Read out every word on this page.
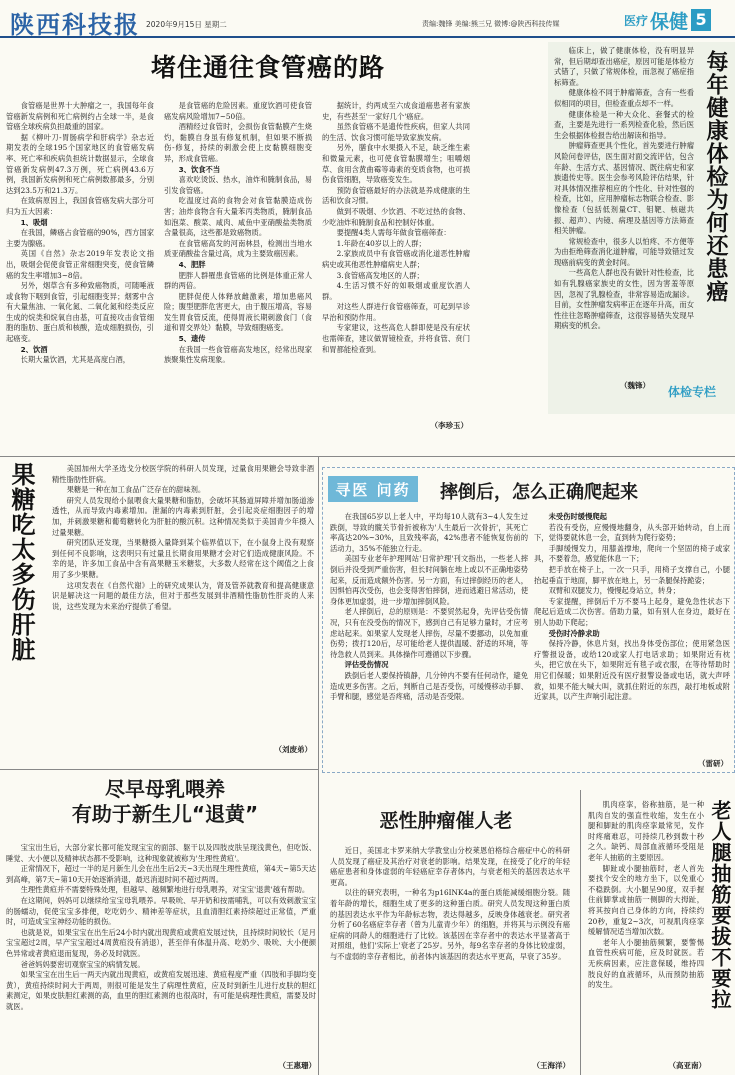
陕西科技报 2020年9月15日 星期二	责编:魏锋 美编:熊三兄 微博:@陕西科技传媒	医疗 保健 5
堵住通往食管癌的路

食管癌是世界十大肿瘤之一，我国每年食管癌新发病例和死亡病例约占全球一半，是食管癌全球疾病负担最重的国家。

据《柳叶刀-胃肠病学和肝病学》杂志近期发表的全球195个国家地区的食管癌发病率、死亡率和疾病负担统计数据显示，全球食管癌新发病例47.3万例，死亡病例43.6万例，我国新发病例和死亡病例数都最多，分别达到23.5万和21.3万。

在致病原因上，我国食管癌发病大部分可归为五大因素：

1、吸烟

在我国，鳞癌占食管癌的90%，西方国家主要为腺癌。

英国《自然》杂志2019年发表论文指出，吸烟会促使食管正常细胞突变，使食管鳞癌的发生率增加3~8倍。

另外，烟草含有多种致癌物质，可随唾液或食物下咽到食管，引起细胞变异；烟雾中含有大量焦油、一氧化氮、二氧化氮和经类反应生成的烷类和烷氧自由基，可直接攻击食管细胞的脂肪、蛋白质和核酸，造成细胞损伤，引起癌变。

2、饮酒

长期大量饮酒，尤其是高度白酒，

是食管癌的危险因素。重度饮酒可使食管癌发病风险增加7~50倍。

酒精经过食管时，会损伤食管黏膜产生烧灼，黏膜自身虽有修复机制，但如果不断损伤-修复，持续的刺激会使上皮黏膜细胞变异，形成食管癌。

3、饮食不当

喜欢吃烫饭、热水，油炸和腌制食品，易引发食管癌。

吃温度过高的食物会对食管黏膜造成伤害；油炸食物含有大量苯丙类物质，腌制食品如泡菜、酸菜、咸肉、咸鱼中亚硝酸盐类物质含量很高，这些都是致癌物质。

在食管癌高发的河南林县，检测出当地水质亚硝酸盐含量过高，成为主要致癌因素。

4、肥胖

肥胖人群罹患食管癌的比例是体重正常人群的两倍。

肥胖促使人体释放雌激素，增加患癌风险；腹型肥胖危害更大，由于腹压增高，容易发生胃食管反流，使得胃液长期刺激食门（食道和胃交界处）黏膜，导致细胞癌变。

5、遗传

在我国一些食管癌高发地区，经常出现家族聚集性发病现象。

据统计，约两成至六成食道癌患者有家族史，有些甚至'一家好几个'癌症。

虽然食管癌不是遗传性疾病，但家人共同的生活、饮食习惯可能导致家族发病。

另外，膳食中水果摄入不足，缺乏维生素和微量元素，也可使食管黏膜增生；咀嚼烟草、食用含黄曲霉等毒素的变质食物，也可损伤食管细胞，导致癌变发生。

预防食管癌最好的办法就是养成健康的生活和饮食习惯。

做到不吸烟、少饮酒、不吃过热的食物、少吃油炸和腌制食品和控制好体重。

要提醒4类人需每年做食管癌筛查：

1.年龄在40岁以上的人群；

2.家族成员中有食管癌或消化道恶性肿瘤病史或其他恶性肿瘤病史人群；

3.食管癌高发地区的人群；

4.生活习惯不好的如吸烟或重度饮酒人群。

对这些人群进行食管癌筛查，可起到早诊早治和预防作用。

专家建议，这些高危人群即使是没有症状也需筛查，建议做胃镜检查，并将食管、贲门和胃都能检查到。

（李珍玉）

临床上，做了健康体检，没有明显异常，但后期却查出癌症，原因可能是体检方式错了，只做了常规体检，而忽视了癌症指标筛查。

健康体检不同于肿瘤筛查，含有一些看似相同的项目，但检查重点却不一样。

健康体检是一种大众化、套餐式的检查，主要是先进行一系列检查化验，然后医生会根据体检报告给出解读和指导。

肿瘤筛查更具个性化，首先要进行肿瘤风险问卷评估，医生面对面交流评估，包含年龄、生活方式、基因情况、既往病史和家族遗传史等。医生会参考风险评估结果，针对具体情况推荐相应的个性化、针对性强的检查，比如，应用肿瘤标志物联合检查、影像检查（包括低剂量CT、钼靶、核磁共振、超声）、内镜、病理及基因等方法筛查相关肿瘤。

常规检查中，很多人以怕疼、不方便等为由拒绝筛查消化道肿瘤，可能导致错过发现癌前病变的黄金时间。

一些高危人群也没有做针对性检查，比如有乳腺癌家族史的女性，因为害羞等原因，忽视了乳腺检查，非常容易造成漏诊。目前，女性肿瘤发病率正在逐年升高，而女性往往忽略肿瘤筛查，这很容易错失发现早期病变的机会。

每年健康体检为何还患癌
（魏锋）	体检专栏
果糖吃太多伤肝脏	美国加州大学圣选戈分校医学院的科研人员发现，过量食用果糖会导致非酒精性脂肪性肝病。

果糖是一种在加工食品广泛存在的甜味剂。

研究人员发现给小鼠喂食大量果糖和脂肪，会破坏其肠道屏障并增加肠道渗透性，从而导致内毒素增加。泄漏的内毒素到肝脏，会引起炎症细胞因子的增加，并刺激果糖和葡萄糖转化为肝脏的酸沉积。这种情况类似于美国青少年摄入过量果糖。

研究团队还发现，当果糖摄入量降到某个临界值以下，在小鼠身上没有观察到任何不良影响，这表明只有过量且长期食用果糖才会对它们造成健康风险。不幸的是，许多加工食品中含有高果糖玉米糖浆，大多数人经常在这个阈值之上食用了多少果糖。

这项发表在《自然代谢》上的研究成果认为，肾及管养就教育和提高健康意识是解决这一问题的最佳方法，但对于那些发展到非酒精性脂肪性肝炎的人来说，这些发现为未来治疗提供了希望。

（刘废弟）
尽早母乳喂养
有助于新生儿“退黄”

宝宝出生后，大部分家长都可能发现宝宝的面部、躯干以及四肢皮肤呈现浅黄色，但吃饭、睡觉、大小便以及精神状态都不受影响，这种现象就被称为'生理性黄疸'。

正常情况下，超过一半的足月新生儿会在出生后2天~3天出现生理性黄疸，第4天~第5天达到高峰，第7天~第10天开始逐渐消退，最迟消退时间不超过两周。

生理性黄疸并不需要特殊处理，但越早、越频繁地进行母乳喂养，对宝宝'退黄'越有帮助。

在这期间，妈妈可以继续给宝宝母乳喂养。早吸吮、早开奶和按需哺乳，可以有效刺激宝宝的肠蠕动，促使宝宝多排便，吃吃奶少、精神差等症状，且血清胆红素持续超过正常值，严重时，可造成宝宝神经功能的损伤。

也就是说，如果宝宝在出生后24小时内就出现黄疸或黄疸发展过快，且持续时间较长（足月宝宝超过2周，早产宝宝超过4周黄疸没有消退），甚至伴有体温升高、吃奶少、吸吮、大小便颜色异常或者黄疸退而复现，务必及时就医。

爸爸妈妈要密切观察宝宝的病情发展。

如果宝宝在出生后一两天内就出现黄疸，或黄疸发展迅速、黄疸程度严重（四肢和手脚均变黄），黄疸持续时间大于两周，则很可能是发生了病理性黄疸，应及时到新生儿进行皮肤的胆红素测定，如果皮肤胆红素测的高，血里的胆红素测的也很高时，有可能是病理性黄疸，需要及时就医。

（王惠珊）
寻医 问药	摔倒后，怎么正确爬起来

在我国65岁以上老人中，平均每10人就有3~4人发生过跌倒，导致的髋关节骨折被称为'人生最后一次骨折'，其死亡率高达20%~30%，且致残率高，42%患者不能恢复伤前的活动力，35%不能独立行走。

美国专业老年护理网站'日常护理'刊文指出，一些老人摔倒后并没受到严重伤害，但长时间躺在地上或以不正确地姿势起来，反而造成额外伤害。另一方面，有过摔倒经历的老人，因惧怕再次受伤，也会变得害怕摔倒，进而逃避日常活动，使身体更加虚弱，进一步增加摔倒风险。

老人摔倒后，总的原则是：不要贸然起身，先评估受伤情况，只有在没受伤的情况下，感到自己有足够力量时，才应考虑站起来。如果家人发现老人摔伤，尽量不要挪动，以免加重伤势；拨打120后，尽可能给老人提供温暖、舒适的环境，等待急救人员到来。具体操作可遵循以下步骤。

评估受伤情况

跌倒后老人要保持镇静，几分钟内不要有任何动作，避免造成更多伤害。之后，判断自己是否受伤，可缓慢移动手脚、手臂和腿，感觉是否疼痛，活动是否受限。

未受伤时缓慢爬起

若没有受伤，应慢慢地翻身，从头部开始转动，自上而下，觉得要就休息一会，直到转为爬行姿势；

手脚缓慢发力，用膝盖撑地，爬向一个坚固的椅子或家具，不要着急，感觉能休息一下；

把手放在椅子上，一次一只手，用椅子支撑自己，小腿抬起垂直于地面，脚平放在地上，另一条腿保持跪姿；

双臂和双腿发力，慢慢起身站立，转身；

专家提醒，摔倒后千万不要马上起身，避免急性状态下爬起后造成二次伤害。借助力量，如有别人在身边，最好在别人协助下爬起；

受伤时冷静求助

保持冷静，休息片刻，找出身体受伤部位；使用紧急医疗警报设备，或给120或家人打电话求助；如果附近有枕头，把它放在头下，如果附近有毯子或衣服，在等待帮助时用它们保暖；如果附近没有医疗报警设备或电话，就大声呼救，如果不能大喊大叫，就抓住附近的东西，敲打地板或附近家具，以产生声响引起注意。

（雷研）
恶性肿瘤催人老

近日，美国北卡罗来纳大学教堂山分校莱恩伯格综合癌症中心的科研人员发现了癌症及其治疗对衰老的影响。结果发现，在接受了化疗的年轻癌症患者和身体虚弱的年轻癌症幸存者体内，与衰老相关的基因表达水平更高。

以往的研究表明，一种名为p16INK4a的蛋白质能减缓细胞分裂。随着年龄的增长，细胞生成了更多的这种蛋白质。研究人员发现这种蛋白质的基因表达水平作为年龄标志物，表达得越多，反映身体越衰老。研究者分析了60名癌症幸存者（曾为儿童青少年）的细胞，并将其与示例没有癌症病的同龄人的细胞进行了比较。该基因在幸存者中的表达水平显著高于对照组，他们'实际上'衰老了25岁。另外，每9名幸存者的身体比较虚弱，与不虚弱的幸存者相比，前者体内该基因的表达水平更高，早衰了35岁。

（王海洋）

肌肉痉挛，俗称抽筋，是一种肌肉自发的强直性收缩，发生在小腿和脚趾的肌肉痉挛最常见，发作时疼痛难忍，可持续几秒到数十秒之久。缺钙、局部血液循环受阻是老年人抽筋的主要原因。

脚趾或小腿抽筋时，老人首先要找个安全的地方坐下，以免重心不稳跌倒。大小腿呈90度，双手握住前脚掌或抽筋一侧脚的大拇趾，将其按向自己身体的方向，持续约20秒，重复2~3次，可视肌肉痉挛缓解情况适当增加次数。

老年人小腿抽筋频繁，要警惕血管性疾病可能，应及时就医。若无疾病因素，应注意保暖，维持四肢良好的血液循环，从而预防抽筋的发生。	老人腿抽筋要拔不要拉
（高亚南）
